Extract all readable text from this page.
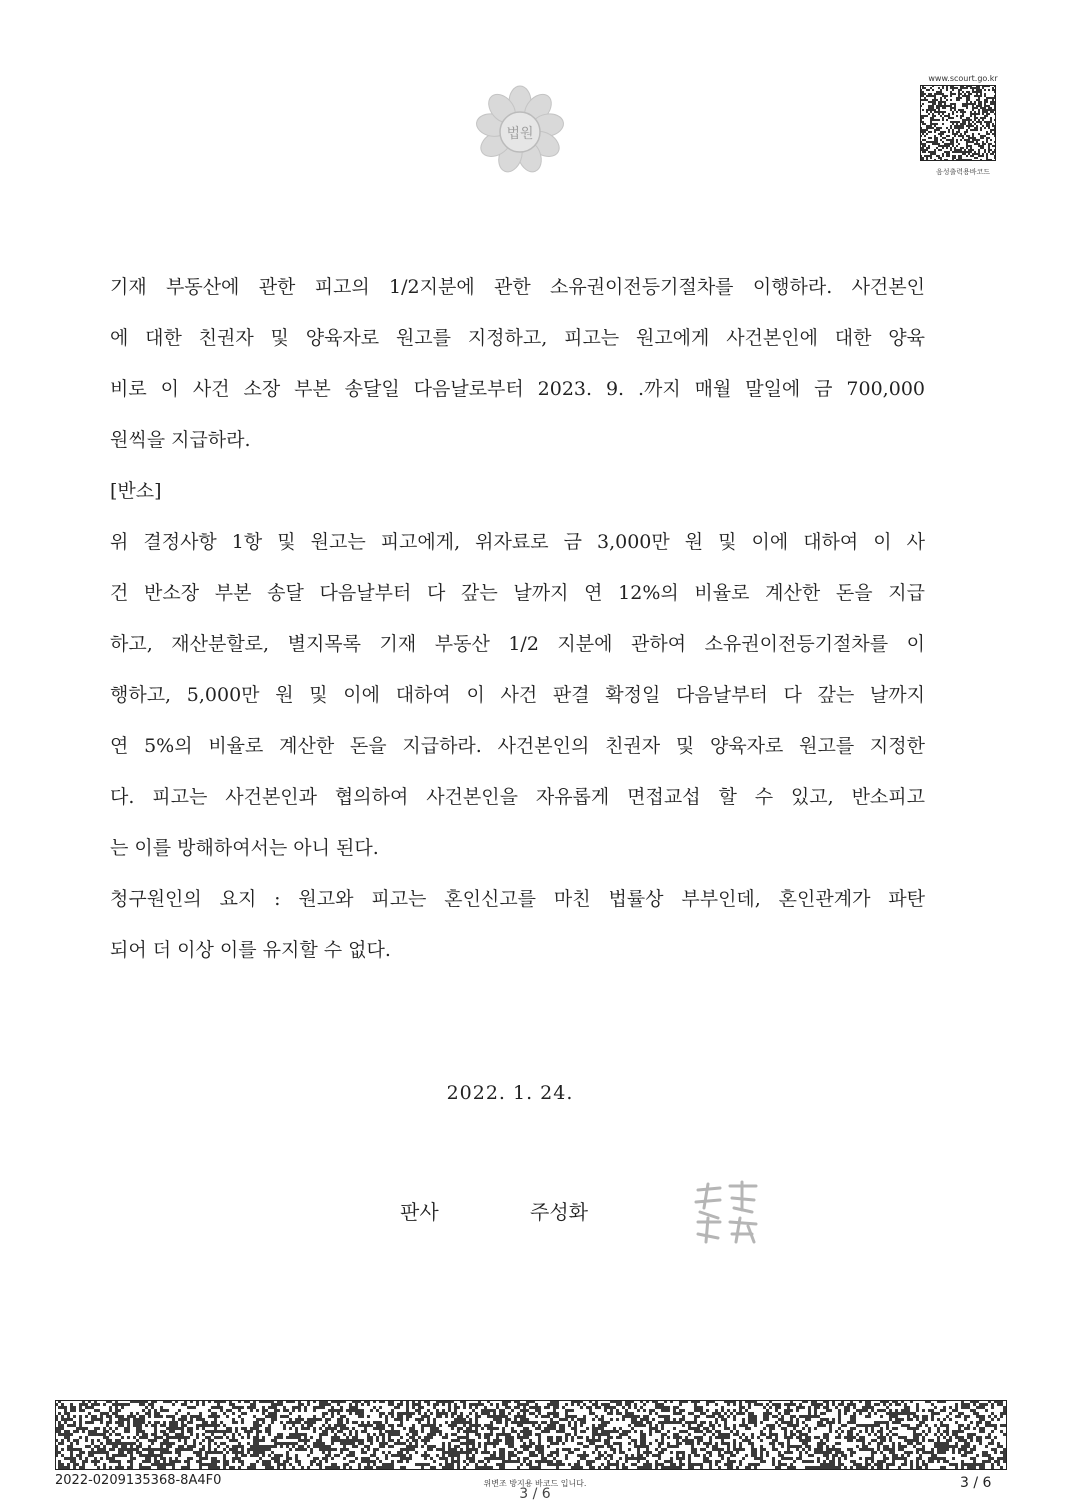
법원
www.scourt.go.kr
음성출력용바코드
기재 부동산에 관한 피고의 1/2지분에 관한 소유권이전등기절차를 이행하라. 사건본인
에 대한 친권자 및 양육자로 원고를 지정하고, 피고는 원고에게 사건본인에 대한 양육
비로 이 사건 소장 부본 송달일 다음날로부터 2023. 9. .까지 매월 말일에 금 700,000
원씩을 지급하라.
[반소]
위 결정사항 1항 및 원고는 피고에게, 위자료로 금 3,000만 원 및 이에 대하여 이 사
건 반소장 부본 송달 다음날부터 다 갚는 날까지 연 12%의 비율로 계산한 돈을 지급
하고, 재산분할로, 별지목록 기재 부동산 1/2 지분에 관하여 소유권이전등기절차를 이
행하고, 5,000만 원 및 이에 대하여 이 사건 판결 확정일 다음날부터 다 갚는 날까지
연 5%의 비율로 계산한 돈을 지급하라. 사건본인의 친권자 및 양육자로 원고를 지정한
다. 피고는 사건본인과 협의하여 사건본인을 자유롭게 면접교섭 할 수 있고, 반소피고
는 이를 방해하여서는 아니 된다.
청구원인의 요지 : 원고와 피고는 혼인신고를 마친 법률상 부부인데, 혼인관계가 파탄
되어 더 이상 이를 유지할 수 없다.
2022. 1. 24.
판사	주성화
2022-0209135368-8A4F0	위변조 방지용 바코드 입니다.	3 / 6
3 / 6
